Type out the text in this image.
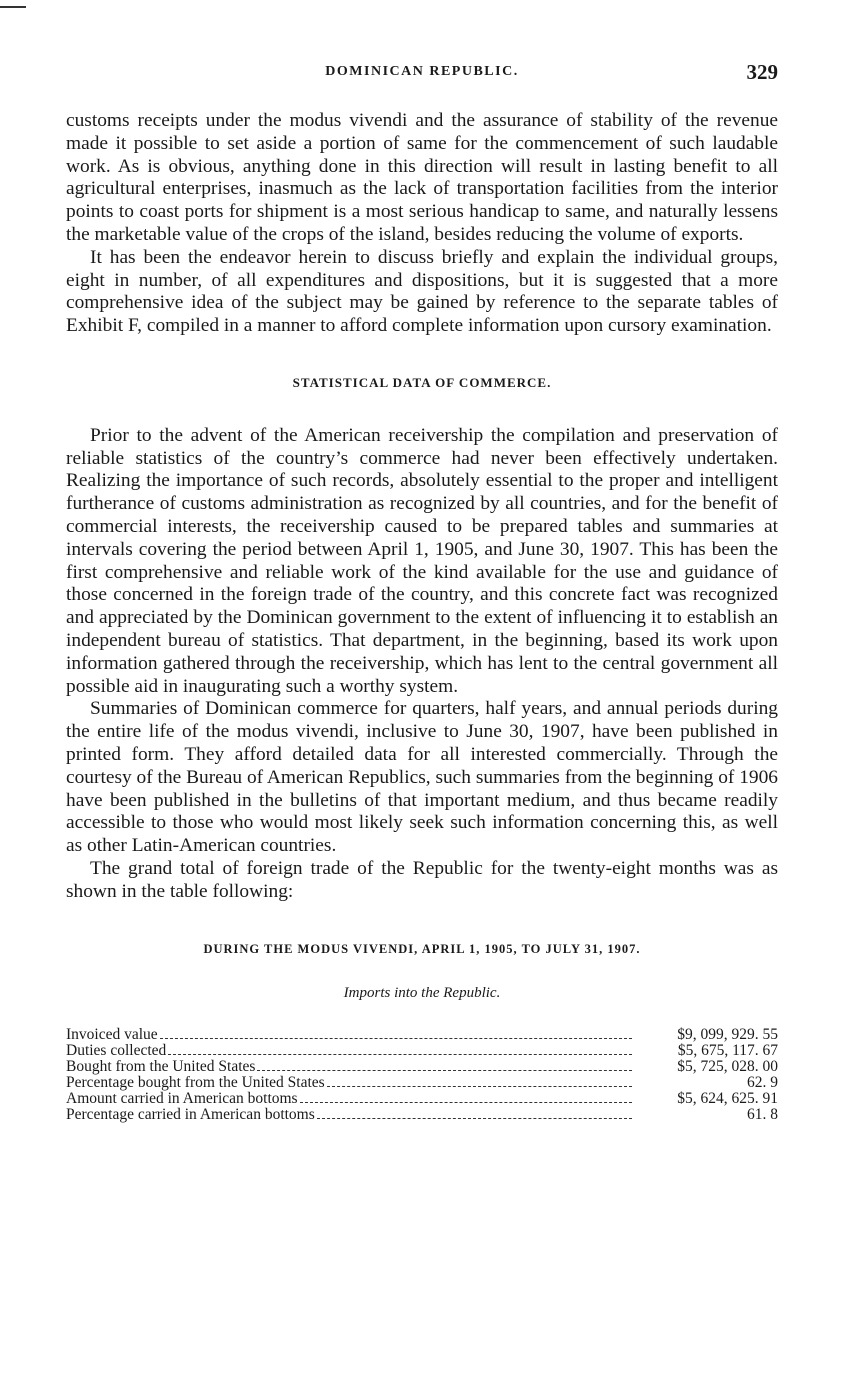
DOMINICAN REPUBLIC.	329

customs receipts under the modus vivendi and the assurance of stability of the revenue made it possible to set aside a portion of same for the commencement of such laudable work. As is obvious, anything done in this direction will result in lasting benefit to all agricultural enterprises, inasmuch as the lack of transportation facilities from the interior points to coast ports for shipment is a most serious handicap to same, and naturally lessens the marketable value of the crops of the island, besides reducing the volume of exports.

It has been the endeavor herein to discuss briefly and explain the individual groups, eight in number, of all expenditures and dispositions, but it is suggested that a more comprehensive idea of the subject may be gained by reference to the separate tables of Exhibit F, compiled in a manner to afford complete information upon cursory examination.

STATISTICAL DATA OF COMMERCE.

Prior to the advent of the American receivership the compilation and preservation of reliable statistics of the country’s commerce had never been effectively undertaken. Realizing the importance of such records, absolutely essential to the proper and intelligent furtherance of customs administration as recognized by all countries, and for the benefit of commercial interests, the receivership caused to be prepared tables and summaries at intervals covering the period between April 1, 1905, and June 30, 1907. This has been the first comprehensive and reliable work of the kind available for the use and guidance of those concerned in the foreign trade of the country, and this concrete fact was recognized and appreciated by the Dominican government to the extent of influencing it to establish an independent bureau of statistics. That department, in the beginning, based its work upon information gathered through the receivership, which has lent to the central government all possible aid in inaugurating such a worthy system.

Summaries of Dominican commerce for quarters, half years, and annual periods during the entire life of the modus vivendi, inclusive to June 30, 1907, have been published in printed form. They afford detailed data for all interested commercially. Through the courtesy of the Bureau of American Republics, such summaries from the beginning of 1906 have been published in the bulletins of that important medium, and thus became readily accessible to those who would most likely seek such information concerning this, as well as other Latin-American countries.

The grand total of foreign trade of the Republic for the twenty-eight months was as shown in the table following:

DURING THE MODUS VIVENDI, APRIL 1, 1905, TO JULY 31, 1907.
Imports into the Republic.
Invoiced value	$9, 099, 929. 55
Duties collected	$5, 675, 117. 67
Bought from the United States	$5, 725, 028. 00
Percentage bought from the United States	62. 9
Amount carried in American bottoms	$5, 624, 625. 91
Percentage carried in American bottoms	61. 8
